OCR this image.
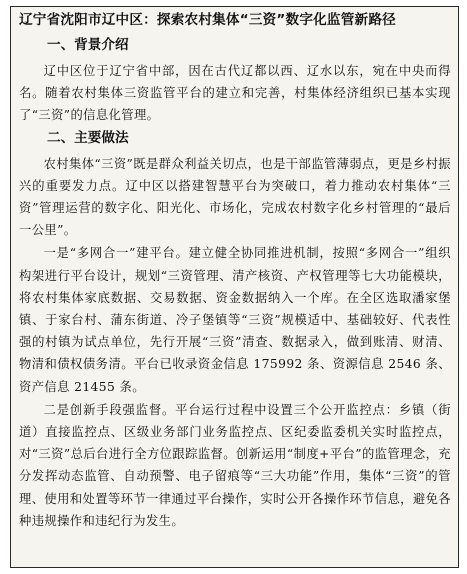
辽宁省沈阳市辽中区：探索农村集体“三资”数字化监管新路径
一、背景介绍

辽中区位于辽宁省中部，因在古代辽都以西、辽水以东，宛在中央而得名。随着农村集体三资监管平台的建立和完善，村集体经济组织已基本实现了“三资”的信息化管理。

二、主要做法

农村集体“三资”既是群众利益关切点，也是干部监管薄弱点，更是乡村振兴的重要发力点。辽中区以搭建智慧平台为突破口，着力推动农村集体“三资”管理运营的数字化、阳光化、市场化，完成农村数字化乡村管理的“最后一公里”。

一是“多网合一”建平台。建立健全协同推进机制，按照“多网合一”组织构架进行平台设计，规划“三资管理、清产核资、产权管理等七大功能模块，将农村集体家底数据、交易数据、资金数据纳入一个库。在全区选取潘家堡镇、于家台村、蒲东街道、冷子堡镇等“三资”规模适中、基础较好、代表性强的村镇为试点单位，先行开展“三资”清查、数据录入，做到账清、财清、物清和债权债务清。平台已收录资金信息 175992 条、资源信息 2546 条、资产信息 21455 条。

二是创新手段强监督。平台运行过程中设置三个公开监控点：乡镇（街道）直接监控点、区级业务部门业务监控点、区纪委监委机关实时监控点，对“三资”总后台进行全方位跟踪监督。创新运用“制度+平台”的监管理念，充分发挥动态监管、自动预警、电子留痕等“三大功能”作用，集体“三资”的管理、使用和处置等环节一律通过平台操作，实时公开各操作环节信息，避免各种违规操作和违纪行为发生。
